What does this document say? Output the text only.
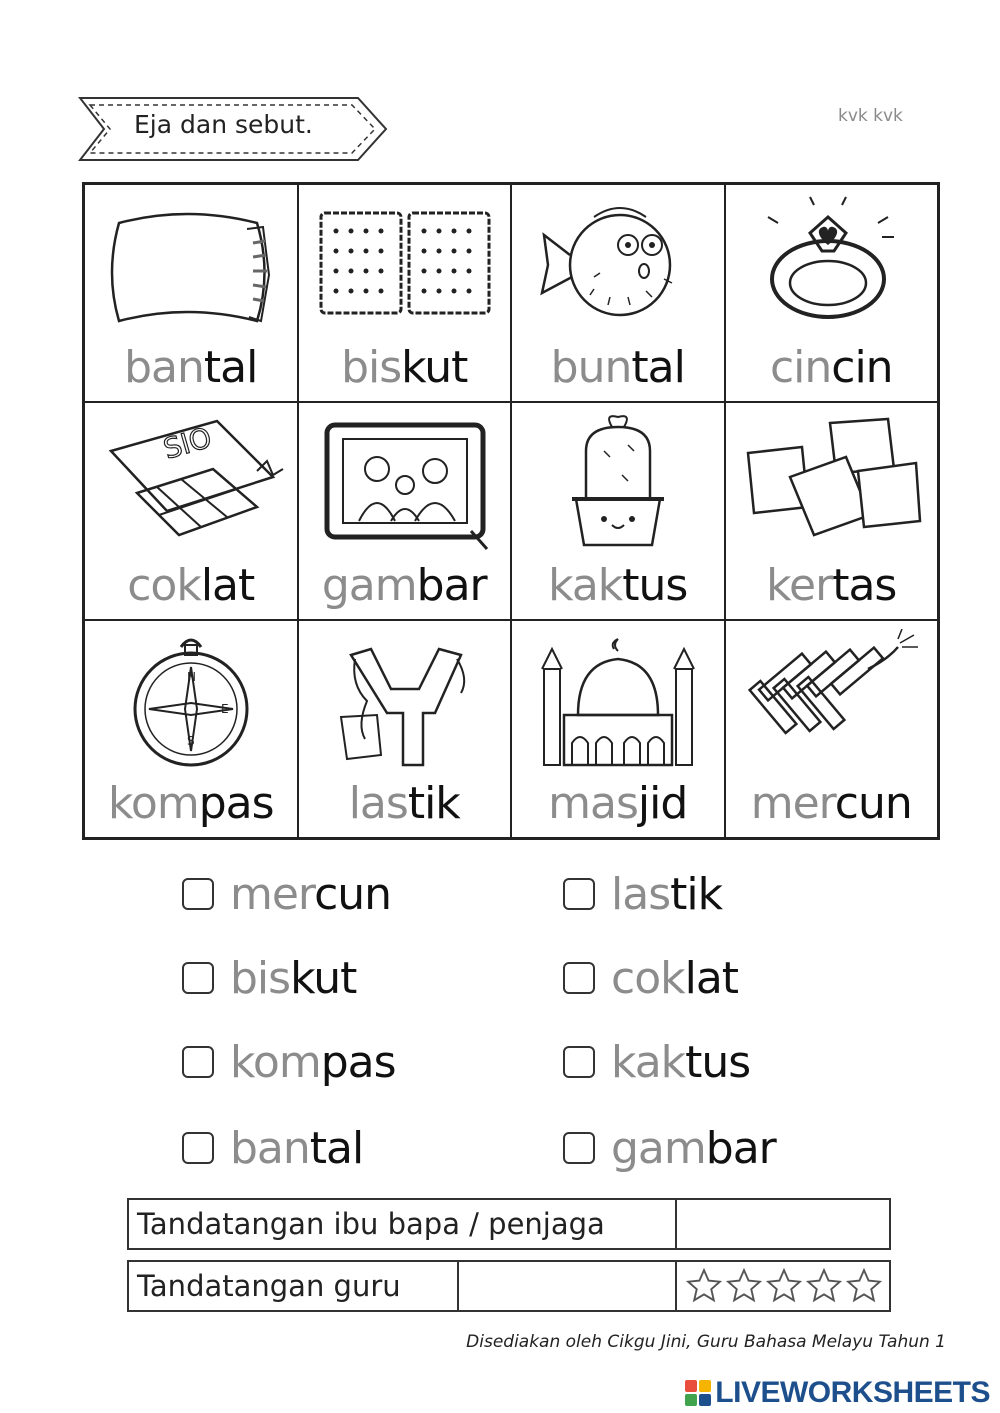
Eja dan sebut.	kvk kvk
bantal	biskut	buntal	cincin
SIO
coklat	gambar	kaktus	kertas
N
E
S
kompas	lastik	masjid	mercun
mercun	lastik
biskut	coklat
kompas	kaktus
bantal	gambar
Tandatangan ibu bapa / penjaga
Tandatangan guru
Disediakan oleh Cikgu Jini, Guru Bahasa Melayu Tahun 1
LIVEWORKSHEETS
